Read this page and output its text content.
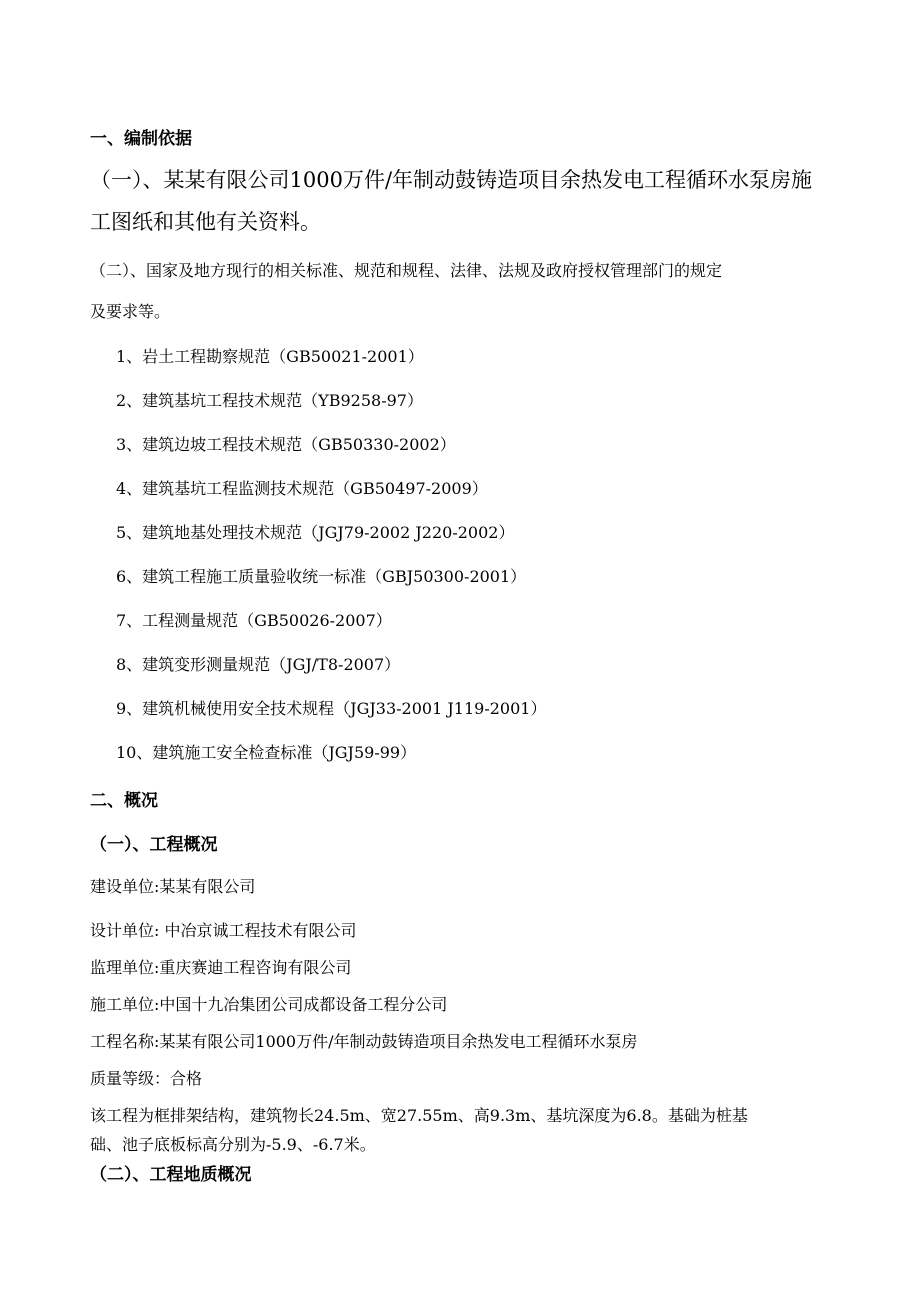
一、编制依据
（一）、某某有限公司1000万件/年制动鼓铸造项目余热发电工程循环水泵房施
工图纸和其他有关资料。
（二）、国家及地方现行的相关标准、规范和规程、法律、法规及政府授权管理部门的规定
及要求等。
1、岩土工程勘察规范（GB50021-2001）
2、建筑基坑工程技术规范（YB9258-97）
3、建筑边坡工程技术规范（GB50330-2002）
4、建筑基坑工程监测技术规范（GB50497-2009）
5、建筑地基处理技术规范（JGJ79-2002 J220-2002）
6、建筑工程施工质量验收统一标准（GBJ50300-2001）
7、工程测量规范（GB50026-2007）
8、建筑变形测量规范（JGJ/T8-2007）
9、建筑机械使用安全技术规程（JGJ33-2001 J119-2001）
10、建筑施工安全检查标准（JGJ59-99）
二、概况
（一）、工程概况
建设单位:某某有限公司
设计单位: 中冶京诚工程技术有限公司
监理单位:重庆赛迪工程咨询有限公司
施工单位:中国十九冶集团公司成都设备工程分公司
工程名称:某某有限公司1000万件/年制动鼓铸造项目余热发电工程循环水泵房
质量等级：合格
该工程为框排架结构，建筑物长24.5m、宽27.55m、高9.3m、基坑深度为6.8。基础为桩基
础、池子底板标高分别为-5.9、-6.7米。
（二）、工程地质概况
